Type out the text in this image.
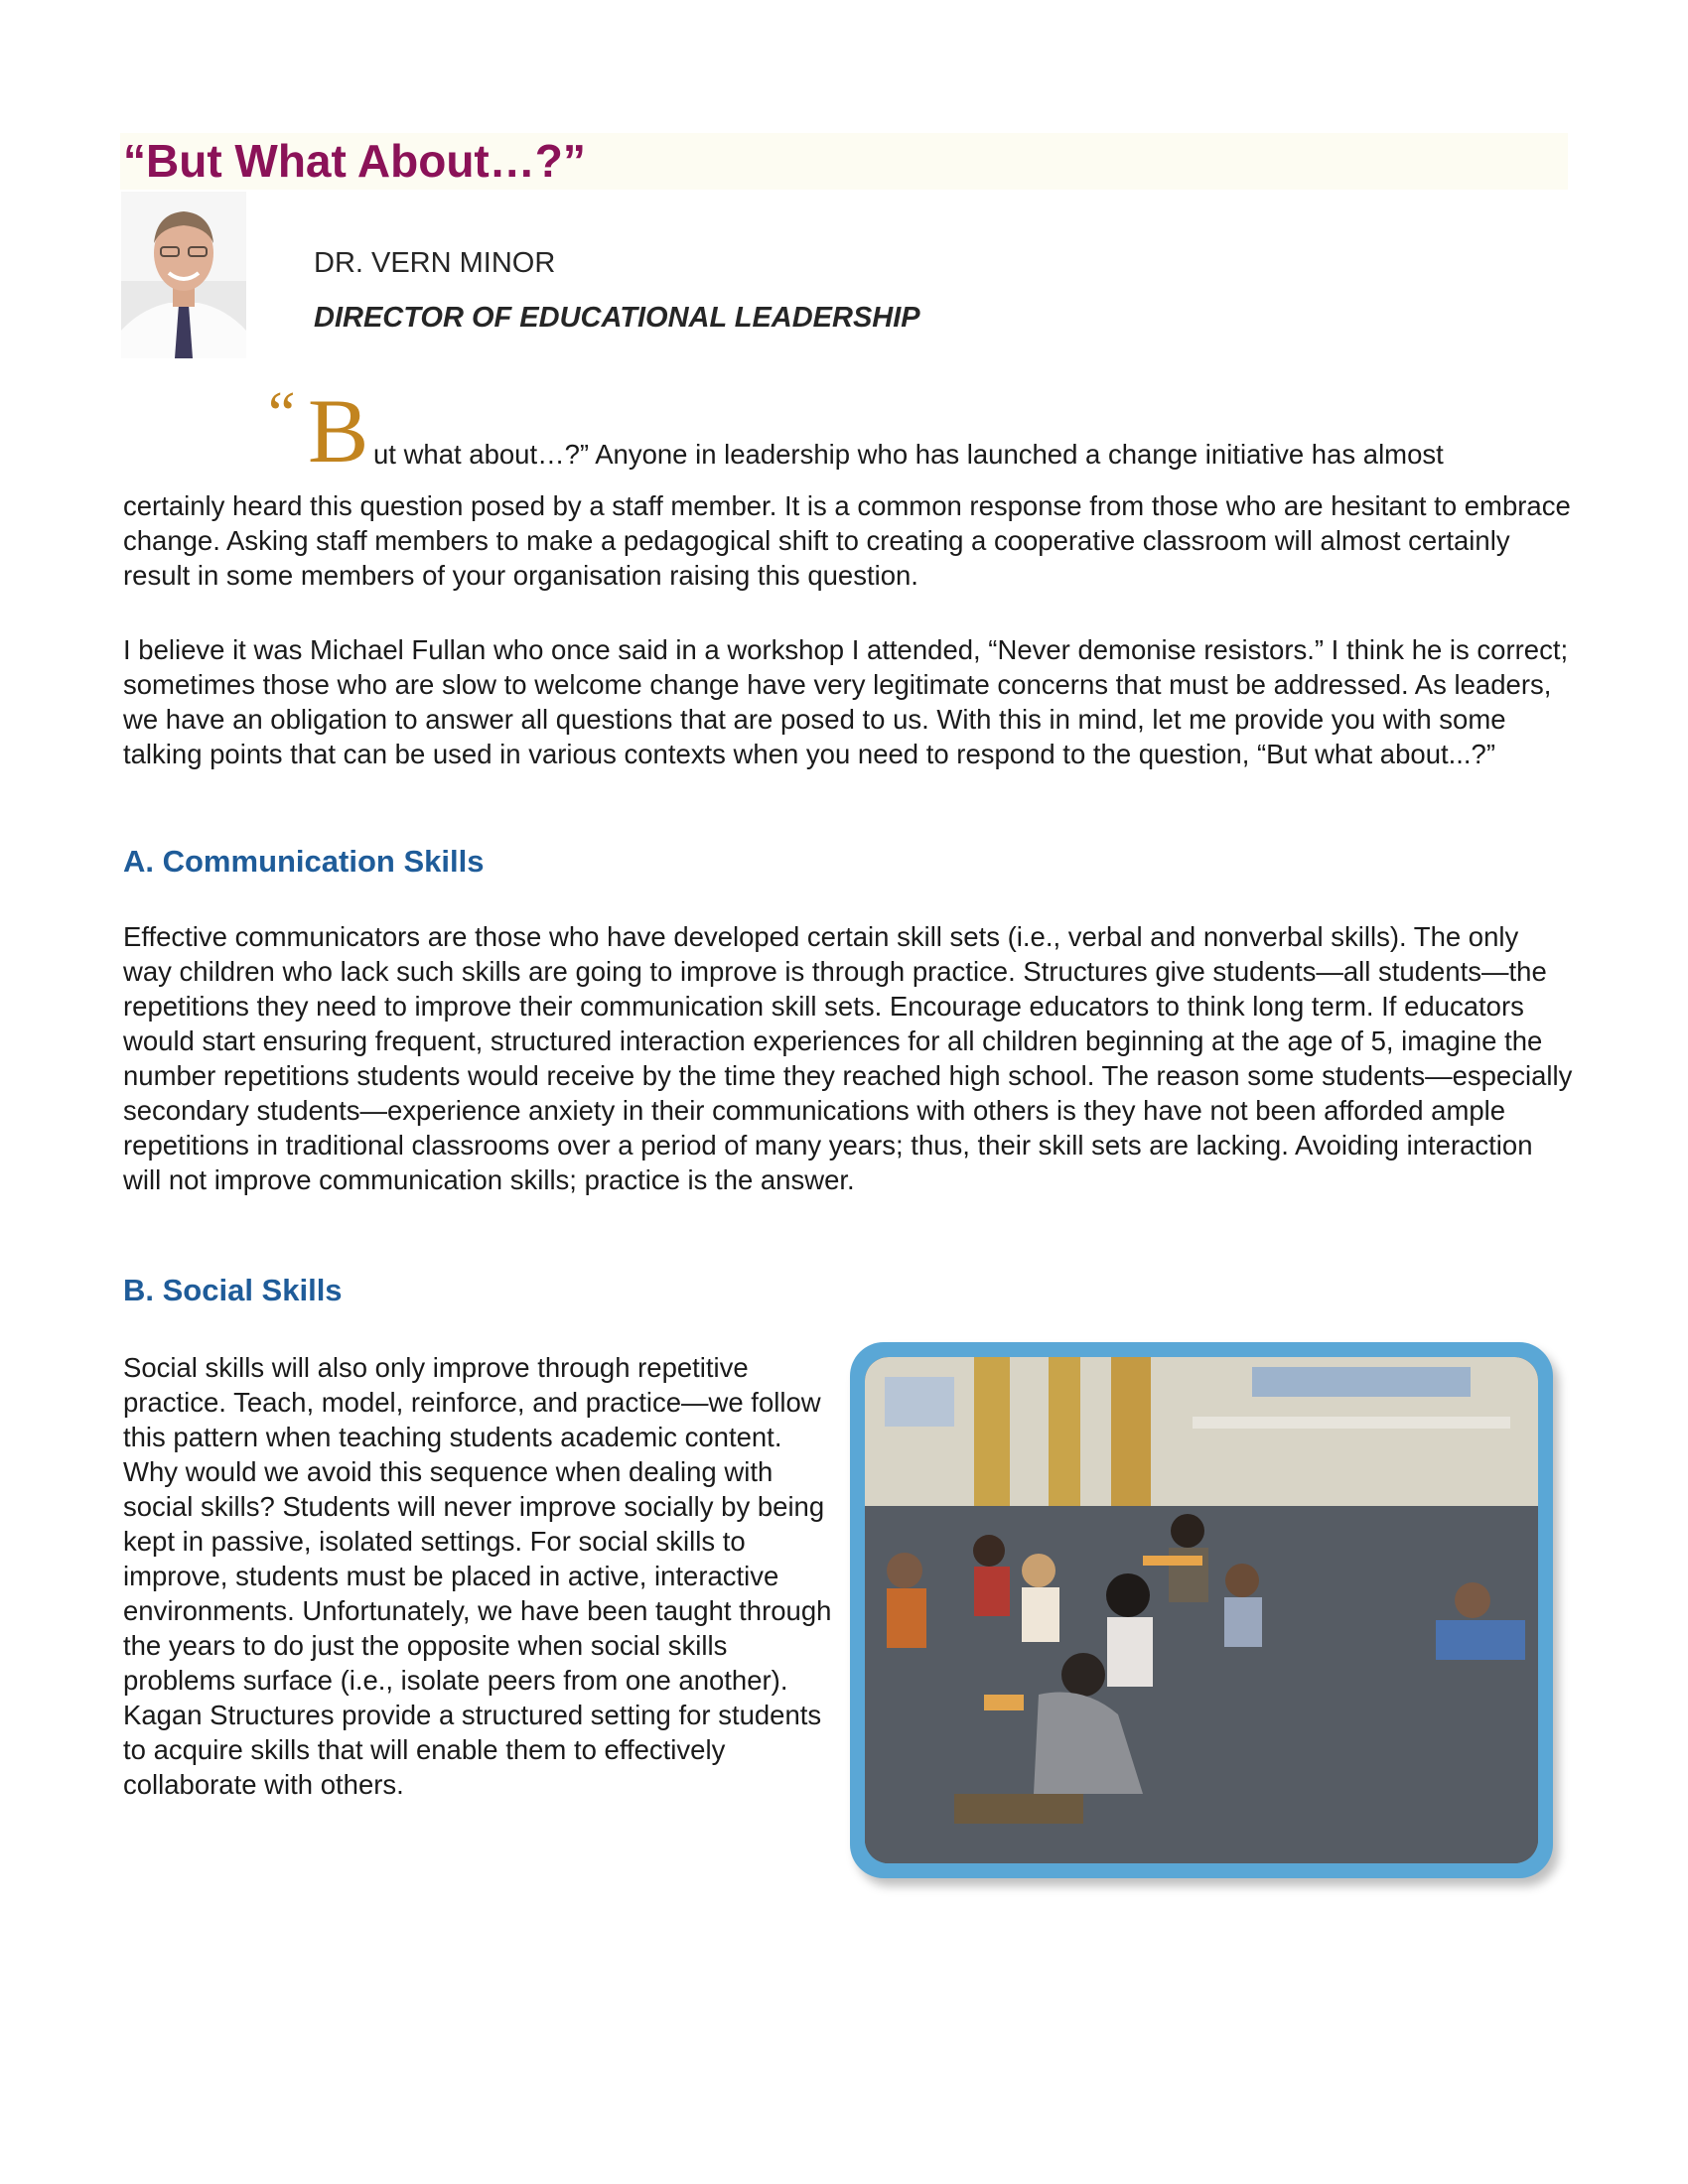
“But What About…?”

DR. VERN MINOR

DIRECTOR OF EDUCATIONAL LEADERSHIP

“ B ut what about…?” Anyone in leadership who has launched a change initiative has almost

certainly heard this question posed by a staff member. It is a common response from those who are hesitant to embrace change. Asking staff members to make a pedagogical shift to creating a cooperative classroom will almost certainly result in some members of your organisation raising this question.

I believe it was Michael Fullan who once said in a workshop I attended, “Never demonise resistors.” I think he is correct; sometimes those who are slow to welcome change have very legitimate concerns that must be addressed. As leaders, we have an obligation to answer all questions that are posed to us. With this in mind, let me provide you with some talking points that can be used in various contexts when you need to respond to the question, “But what about...?”

A. Communication Skills

Effective communicators are those who have developed certain skill sets (i.e., verbal and nonverbal skills). The only way children who lack such skills are going to improve is through practice. Structures give students—all students—the repetitions they need to improve their communication skill sets. Encourage educators to think long term. If educators would start ensuring frequent, structured interaction experiences for all children beginning at the age of 5, imagine the number repetitions students would receive by the time they reached high school. The reason some students—especially secondary students—experience anxiety in their communications with others is they have not been afforded ample repetitions in traditional classrooms over a period of many years; thus, their skill sets are lacking. Avoiding interaction will not improve communication skills; practice is the answer.

B. Social Skills

Social skills will also only improve through repetitive practice. Teach, model, reinforce, and practice—we follow this pattern when teaching students academic content. Why would we avoid this sequence when dealing with social skills? Students will never improve socially by being kept in passive, isolated settings. For social skills to improve, students must be placed in active, interactive environments. Unfortunately, we have been taught through the years to do just the opposite when social skills problems surface (i.e., isolate peers from one another). Kagan Structures provide a structured setting for students to acquire skills that will enable them to effectively collaborate with others.
